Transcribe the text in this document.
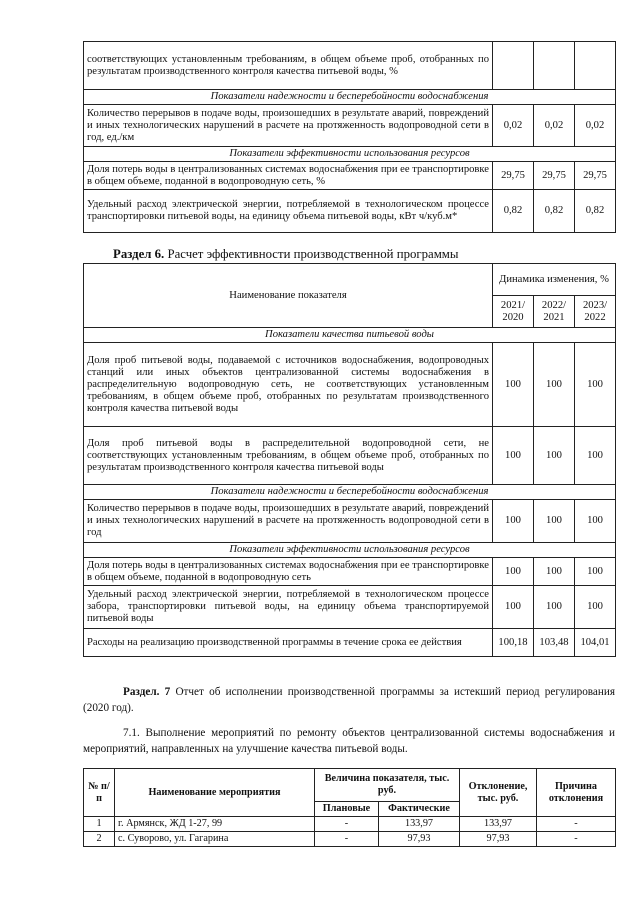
соответствующих установленным требованиям, в общем объеме проб, отобранных по результатам производственного контроля качества питьевой воды, %			
Показатели надежности и бесперебойности водоснабжения			
Количество перерывов в подаче воды, произошедших в результате аварий, повреждений и иных технологических нарушений в расчете на протяженность водопроводной сети в год, ед./км	0,02	0,02	0,02
Показатели эффективности использования ресурсов			
Доля потерь воды в централизованных системах водоснабжения при ее транспортировке в общем объеме, поданной в водопроводную сеть, %	29,75	29,75	29,75
Удельный расход электрической энергии, потребляемой в технологическом процессе транспортировки питьевой воды, на единицу объема питьевой воды, кВт ч/куб.м*	0,82	0,82	0,82
Раздел 6. Расчет эффективности производственной программы
Наименование показателя	Динамика изменения, %		
	2021/ 2020	2022/ 2021	2023/ 2022
Показатели качества питьевой воды			
Доля проб питьевой воды, подаваемой с источников водоснабжения, водопроводных станций или иных объектов централизованной системы водоснабжения в распределительную водопроводную сеть, не соответствующих установленным требованиям, в общем объеме проб, отобранных по результатам производственного контроля качества питьевой воды	100	100	100
Доля проб питьевой воды в распределительной водопроводной сети, не соответствующих установленным требованиям, в общем объеме проб, отобранных по результатам производственного контроля качества питьевой воды	100	100	100
Показатели надежности и бесперебойности водоснабжения			
Количество перерывов в подаче воды, произошедших в результате аварий, повреждений и иных технологических нарушений в расчете на протяженность водопроводной сети в год	100	100	100
Показатели эффективности использования ресурсов			
Доля потерь воды в централизованных системах водоснабжения при ее транспортировке в общем объеме, поданной в водопроводную сеть	100	100	100
Удельный расход электрической энергии, потребляемой в технологическом процессе забора, транспортировки питьевой воды, на единицу объема транспортируемой питьевой воды	100	100	100
Расходы на реализацию производственной программы в течение срока ее действия	100,18	103,48	104,01
Раздел. 7 Отчет об исполнении производственной программы за истекший период регулирования (2020 год).
7.1. Выполнение мероприятий по ремонту объектов централизованной системы водоснабжения и мероприятий, направленных на улучшение качества питьевой воды.
№ п/п	Наименование мероприятия	Величина показателя, тыс. руб.		Отклонение, тыс. руб.	Причина отклонения
		Плановые	Фактические		
1	г. Армянск, ЖД 1-27, 99	-	133,97	133,97	-
2	с. Суворово, ул. Гагарина	-	97,93	97,93	-
